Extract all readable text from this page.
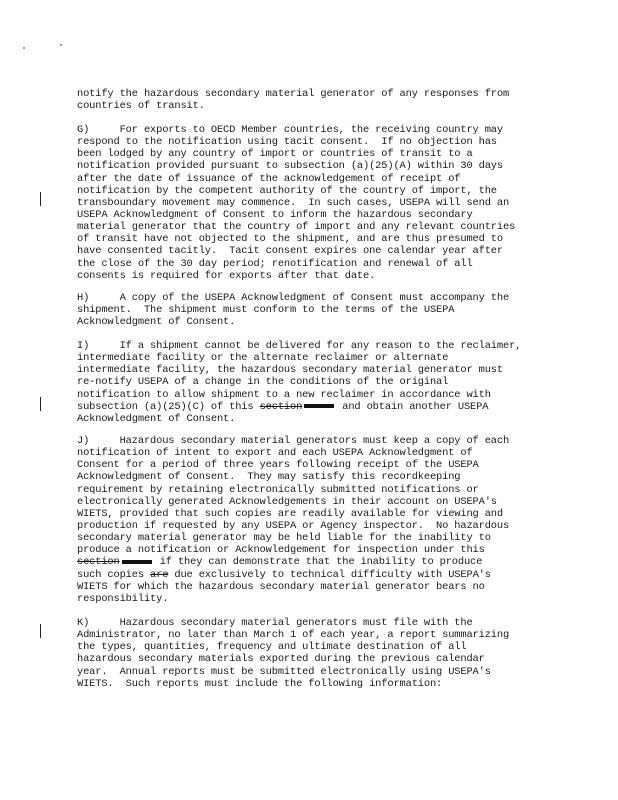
notify the hazardous secondary material generator of any responses from
countries of transit.
G)     For exports to OECD Member countries, the receiving country may
respond to the notification using tacit consent.  If no objection has
been lodged by any country of import or countries of transit to a
notification provided pursuant to subsection (a)(25)(A) within 30 days
after the date of issuance of the acknowledgement of receipt of
notification by the competent authority of the country of import, the
transboundary movement may commence.  In such cases, USEPA will send an
USEPA Acknowledgment of Consent to inform the hazardous secondary
material generator that the country of import and any relevant countries
of transit have not objected to the shipment, and are thus presumed to
have consented tacitly.  Tacit consent expires one calendar year after
the close of the 30 day period; renotification and renewal of all
consents is required for exports after that date.
H)     A copy of the USEPA Acknowledgment of Consent must accompany the
shipment.  The shipment must conform to the terms of the USEPA
Acknowledgment of Consent.
I)     If a shipment cannot be delivered for any reason to the reclaimer,
intermediate facility or the alternate reclaimer or alternate
intermediate facility, the hazardous secondary material generator must
re-notify USEPA of a change in the conditions of the original
notification to allow shipment to a new reclaimer in accordance with
subsection (a)(25)(C) of this section	and obtain another USEPA
Acknowledgment of Consent.
J)     Hazardous secondary material generators must keep a copy of each
notification of intent to export and each USEPA Acknowledgment of
Consent for a period of three years following receipt of the USEPA
Acknowledgment of Consent.  They may satisfy this recordkeeping
requirement by retaining electronically submitted notifications or
electronically generated Acknowledgements in their account on USEPA's
WIETS, provided that such copies are readily available for viewing and
production if requested by any USEPA or Agency inspector.  No hazardous
secondary material generator may be held liable for the inability to
produce a notification or Acknowledgement for inspection under this
section	if they can demonstrate that the inability to produce
such copies are due exclusively to technical difficulty with USEPA's
WIETS for which the hazardous secondary material generator bears no
responsibility.
K)     Hazardous secondary material generators must file with the
Administrator, no later than March 1 of each year, a report summarizing
the types, quantities, frequency and ultimate destination of all
hazardous secondary materials exported during the previous calendar
year.  Annual reports must be submitted electronically using USEPA's
WIETS.  Such reports must include the following information:
